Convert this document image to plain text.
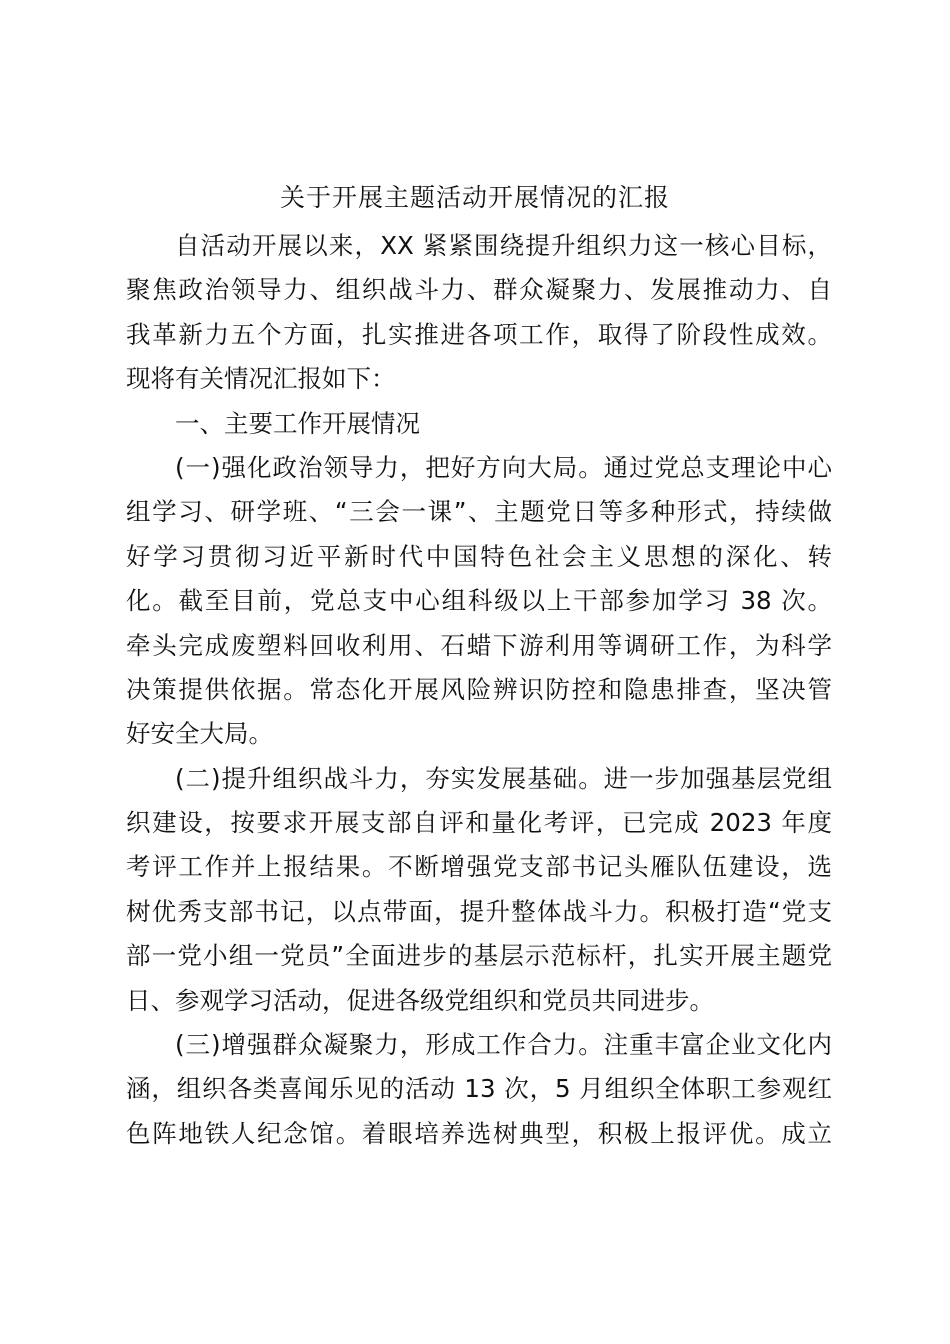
关于开展主题活动开展情况的汇报
自活动开展以来，XX 紧紧围绕提升组织力这一核心目标，
聚焦政治领导力、组织战斗力、群众凝聚力、发展推动力、自
我革新力五个方面，扎实推进各项工作，取得了阶段性成效。
现将有关情况汇报如下：
一、主要工作开展情况
(一)强化政治领导力，把好方向大局。通过党总支理论中心
组学习、研学班、“三会一课”、主题党日等多种形式，持续做
好学习贯彻习近平新时代中国特色社会主义思想的深化、转
化。截至目前，党总支中心组科级以上干部参加学习 38 次。
牵头完成废塑料回收利用、石蜡下游利用等调研工作，为科学
决策提供依据。常态化开展风险辨识防控和隐患排查，坚决管
好安全大局。
(二)提升组织战斗力，夯实发展基础。进一步加强基层党组
织建设，按要求开展支部自评和量化考评，已完成 2023 年度
考评工作并上报结果。不断增强党支部书记头雁队伍建设，选
树优秀支部书记，以点带面，提升整体战斗力。积极打造“党支
部一党小组一党员”全面进步的基层示范标杆，扎实开展主题党
日、参观学习活动，促进各级党组织和党员共同进步。
(三)增强群众凝聚力，形成工作合力。注重丰富企业文化内
涵，组织各类喜闻乐见的活动 13 次，5 月组织全体职工参观红
色阵地铁人纪念馆。着眼培养选树典型，积极上报评优。成立
